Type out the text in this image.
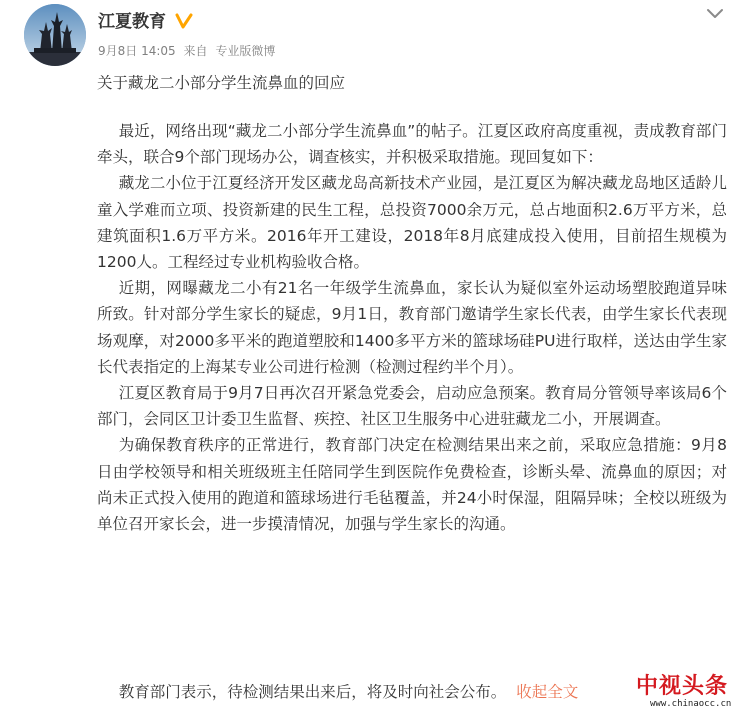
江夏教育
9月8日 14:05 来自 专业版微博
关于藏龙二小部分学生流鼻血的回应

最近，网络出现“藏龙二小部分学生流鼻血”的帖子。江夏区政府高度重视，责成教育部门牵头，联合9个部门现场办公，调查核实，并积极采取措施。现回复如下：

藏龙二小位于江夏经济开发区藏龙岛高新技术产业园，是江夏区为解决藏龙岛地区适龄儿童入学难而立项、投资新建的民生工程，总投资7000余万元，总占地面积2.6万平方米，总建筑面积1.6万平方米。2016年开工建设，2018年8月底建成投入使用，目前招生规模为1200人。工程经过专业机构验收合格。

近期，网曝藏龙二小有21名一年级学生流鼻血，家长认为疑似室外运动场塑胶跑道异味所致。针对部分学生家长的疑虑，9月1日，教育部门邀请学生家长代表，由学生家长代表现场观摩，对2000多平米的跑道塑胶和1400多平方米的篮球场硅PU进行取样，送达由学生家长代表指定的上海某专业公司进行检测（检测过程约半个月）。

江夏区教育局于9月7日再次召开紧急党委会，启动应急预案。教育局分管领导率该局6个部门，会同区卫计委卫生监督、疾控、社区卫生服务中心进驻藏龙二小，开展调查。

为确保教育秩序的正常进行，教育部门决定在检测结果出来之前，采取应急措施：9月8日由学校领导和相关班级班主任陪同学生到医院作免费检查，诊断头晕、流鼻血的原因；对尚未正式投入使用的跑道和篮球场进行毛毡覆盖，并24小时保湿，阻隔异味；全校以班级为单位召开家长会，进一步摸清情况，加强与学生家长的沟通。

教育部门表示，待检测结果出来后，将及时向社会公布。 收起全文	中视头条
www.chinaocc.cn
